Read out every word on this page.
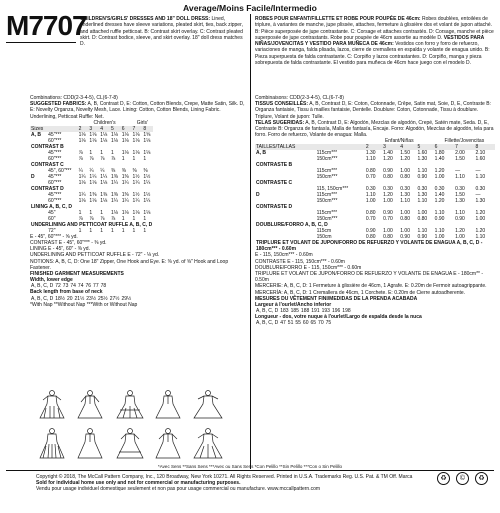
Average/Moins Facile/Intermedio
M7707
CHILDREN'S/GIRLS' DRESSES AND 18" DOLL DRESS: Lined, underlined dresses have sleeve variations, pleated skirt, ties, back zipper, and attached ruffle petticoat. B: Contrast skirt overlay. C: Contrast pleated skirt. D: Contrast bodice, sleeve, and skirt overlay. 18" doll dress matches D.
ROBES POUR ENFANT/FILLETTE ET ROBE POUR POUPÉE DE 46cm: Robes doublées, entoilées de triplure, à variantes de manche, jupe plissée, attaches, fermeture à glissière dos et volant de jupon attaché. B: Pièce superposée de jupe contrastante. C: Corsage et attaches contrastés. D: Corsage, manche et pièce superposée de jupe contrastants. Robe pour poupée de 46cm assortie au modèle D. VESTIDOS PARA NIÑAS/JOVENCITAS Y VESTIDO PARA MUÑECA DE 46cm: Vestidos con forro y forro de refuerzo, variaciones de manga, falda plisada, lazos, cierre de cremallera en espalda y volante de enagua unido. B: Pieza superpuesta de falda contrastante. C: Corpiño y lazos contrastantes. D: Corpiño, manga y pieza sobrepuesta de falda contrastante. El vestido para muñeca de 46cm hace juego con el modelo D.
Combinations: CDD(2-3-4-5), CL(6-7-8)
SUGGESTED FABRICS: A, B, Contrast D, E: Cotton, Cotton Blends, Crepe, Matte Satin, Silk. D, E: Novelty Organza, Novelty Mesh, Lace. Lining: Cotton, Cotton Blends, Lining Fabric. Underlining, Petticoat Ruffle: Net.
		Children's					Girls'	
Sizes		2	3	4	5	6	7	8
A, B	45"***	1⅛	1⅛	1⅛	1⅛	1⅛	1⅛	1⅝
	60"***	1⅛	1⅛	1⅛	1⅛	1⅛	1⅛	1⅛
CONTRAST B								
	45"***	⅞	1	1	1	1⅛	1⅛	1⅛
	60"***	⅞	⅞	⅞	⅞	1	1	1
CONTRAST C								
	45", 60"***	¼	¼	¼	⅜	⅜	⅜	⅜
D	45"***	1¼	1¼	1¼	1⅜	1⅜	1½	1½
	60"***	1⅛	1⅛	1⅛	1¼	1¼	1¼	1¼
CONTRAST D								
	45"***	1¼	1⅜	1⅜	1⅜	1⅜	1½	1½
	60"***	1⅛	1⅛	1⅛	1¼	1¼	1¼	1¼
LINING A, B, C, D								
	45"	1	1	1	1⅛	1⅛	1⅛	1⅛
	60"	⅞	⅞	⅞	⅞	1	1	1
UNDERLINING AND PETTICOAT RUFFLE A, B, C, D								
	72"	1	1	1	1	1	1	1
E - 45", 60"*** - ⅝ yd.
CONTRAST E - 45", 60"*** - ⅜ yd.
LINING E - 45", 60" - ⅜ yd.
UNDERLINING AND PETTICOAT RUFFLE E - 72" - ⅛ yd.
NOTIONS: A, B, C, D: One 18" Zipper, One Hook and Eye. E: ⅜ yd. of ⅝" Hook and Loop Fastener.
FINISHED GARMENT MEASUREMENTS
Width, lower edge
A, B, C, D	72	73	74	74	76	77	78
Back length from base of neck
A, B, C, D	18½	20	21½	23½	25½	27½	29½
*With Nap **Without Nap ***With or Without Nap
Combinaisons: CDD(2-3-4-5), CL(6-7-8)
TISSUS CONSEILLÉS: A, B, Contrast D, E: Coton, Cotonnade, Crêpe, Satin mat, Soie, D, E, Contraste B: Organza fantaisie, Tissu à mailles fantaisie, Dentelle. Doublure: Coton, Cotonnade, Tissu à doublure. Triplure, Volant de jupon: Tulle.
TELAS SUGERIDAS: A, B, Contrast D, E: Algodón, Mezclas de algodón, Crepé, Satén mate, Seda. D, E, Contraste B: Organza de fantasía, Malla de fantasía, Encaje. Forro: Algodón, Mezclas de algodón, tela para forro. Forro de refuerzo, Volante de enagua: Malla.
		Enfant/Niñas				Fillette/Jovencitas		
TAILLES/TALLAS		2	3	4	5	6	7	8
A, B	115cm***	1.30	1.40	1.50	1.60	1.80	2.00	2.10
	150cm***	1.10	1.20	1.20	1.30	1.40	1.50	1.60
CONTRASTE B								
	115cm***	0.80	0.90	1.00	1.10	1.20	—	—
	150cm***	0.70	0.80	0.80	0.90	1.00	1.10	1.10
CONTRASTE C								
	115, 150cm***	0.30	0.30	0.30	0.30	0.30	0.30	0.30
D	115cm***	1.10	1.20	1.30	1.30	1.40	1.50	—
	150cm***	1.00	1.00	1.10	1.10	1.20	1.30	1.30
CONTRASTE D								
	115cm***	0.80	0.90	1.00	1.00	1.10	1.10	1.20
	150cm***	0.70	0.70	0.80	0.80	0.90	0.90	1.00
DOUBLURE/FORRO A, B, C, D								
	115cm	0.90	1.00	1.00	1.10	1.10	1.20	1.20
	150cm	0.80	0.80	0.90	0.90	1.00	1.00	1.10
TRIPLURE ET VOLANT DE JUPON/FORRO DE REFUERZO Y VOLANTE DE ENAGUA A, B, C, D - 180cm*** - 0.60m								
E - 115, 150cm*** - 0.60m
CONTRASTE E - 115, 150cm*** - 0.60m
DOUBLURE/FORRO E - 115, 150cm*** - 0.60m
TRIPLURE ET VOLANT DE JUPON/FORRO DE REFUERZO Y VOLANTE DE ENAGUA E - 180cm** - 0.50m
MERCERIE: A, B, C, D: 1 Fermeture à glissière de 46cm, 1 Agrafe. E: 0.20m de Fermoir autoagrippante.
MERCERÍA: A, B, C, D: 1 Cremallera de 46cm, 1 Corchete. E: 0.20m de Cierre autoadherente.
MESURES DU VÊTEMENT FINI/MEDIDAS DE LA PRENDA ACABADA
Largeur à l'ourlet/Ancho inferior
A, B, C, D	183	185	188	191	193	196	198
Longueur - dos, votre nuque à l'ourlet/Largo de espalda desde la nuca
A, B, C, D	47	51	55	60	65	70	75
*Avec Sens **Sans Sens ***Avec ou Sans Sens *Con Pelillo **Sin Pelillo ***Con o Sin Pelillo
Copyright © 2018, The McCall Pattern Company, Inc., 120 Broadway, New York 10271. All Rights Reserved. Printed in U.S.A. Trademarks Reg. U.S. Pat. & TM Off. Marca
Sold for individual home use only and not for commercial or manufacturing purposes.
Vendu pour usage individuel domestique seulement et non pas pour usage commercial ou manufacture. www.mccallpattern.com
♻	©	♻
